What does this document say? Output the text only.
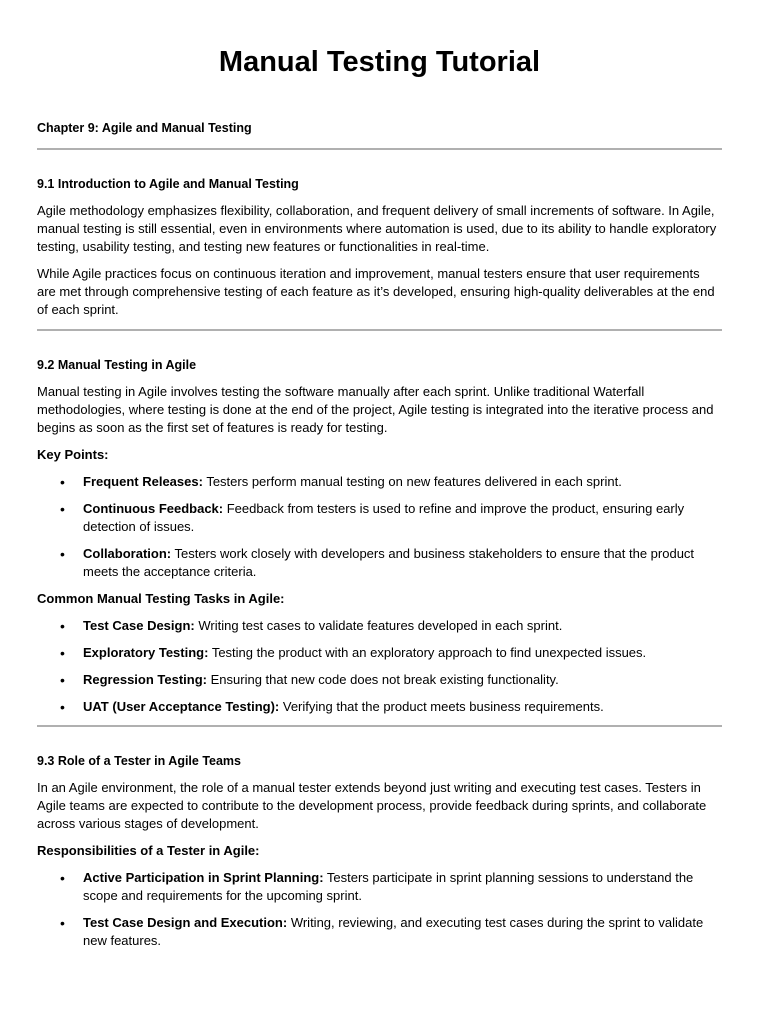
Manual Testing Tutorial
Chapter 9: Agile and Manual Testing
9.1 Introduction to Agile and Manual Testing

Agile methodology emphasizes flexibility, collaboration, and frequent delivery of small increments of software. In Agile, manual testing is still essential, even in environments where automation is used, due to its ability to handle exploratory testing, usability testing, and testing new features or functionalities in real-time.

While Agile practices focus on continuous iteration and improvement, manual testers ensure that user requirements are met through comprehensive testing of each feature as it’s developed, ensuring high-quality deliverables at the end of each sprint.

9.2 Manual Testing in Agile

Manual testing in Agile involves testing the software manually after each sprint. Unlike traditional Waterfall methodologies, where testing is done at the end of the project, Agile testing is integrated into the iterative process and begins as soon as the first set of features is ready for testing.

Key Points:
• Frequent Releases: Testers perform manual testing on new features delivered in each sprint.
• Continuous Feedback: Feedback from testers is used to refine and improve the product, ensuring early detection of issues.
• Collaboration: Testers work closely with developers and business stakeholders to ensure that the product meets the acceptance criteria.
Common Manual Testing Tasks in Agile:
• Test Case Design: Writing test cases to validate features developed in each sprint.
• Exploratory Testing: Testing the product with an exploratory approach to find unexpected issues.
• Regression Testing: Ensuring that new code does not break existing functionality.
• UAT (User Acceptance Testing): Verifying that the product meets business requirements.
9.3 Role of a Tester in Agile Teams

In an Agile environment, the role of a manual tester extends beyond just writing and executing test cases. Testers in Agile teams are expected to contribute to the development process, provide feedback during sprints, and collaborate across various stages of development.

Responsibilities of a Tester in Agile:
• Active Participation in Sprint Planning: Testers participate in sprint planning sessions to understand the scope and requirements for the upcoming sprint.
• Test Case Design and Execution: Writing, reviewing, and executing test cases during the sprint to validate new features.
